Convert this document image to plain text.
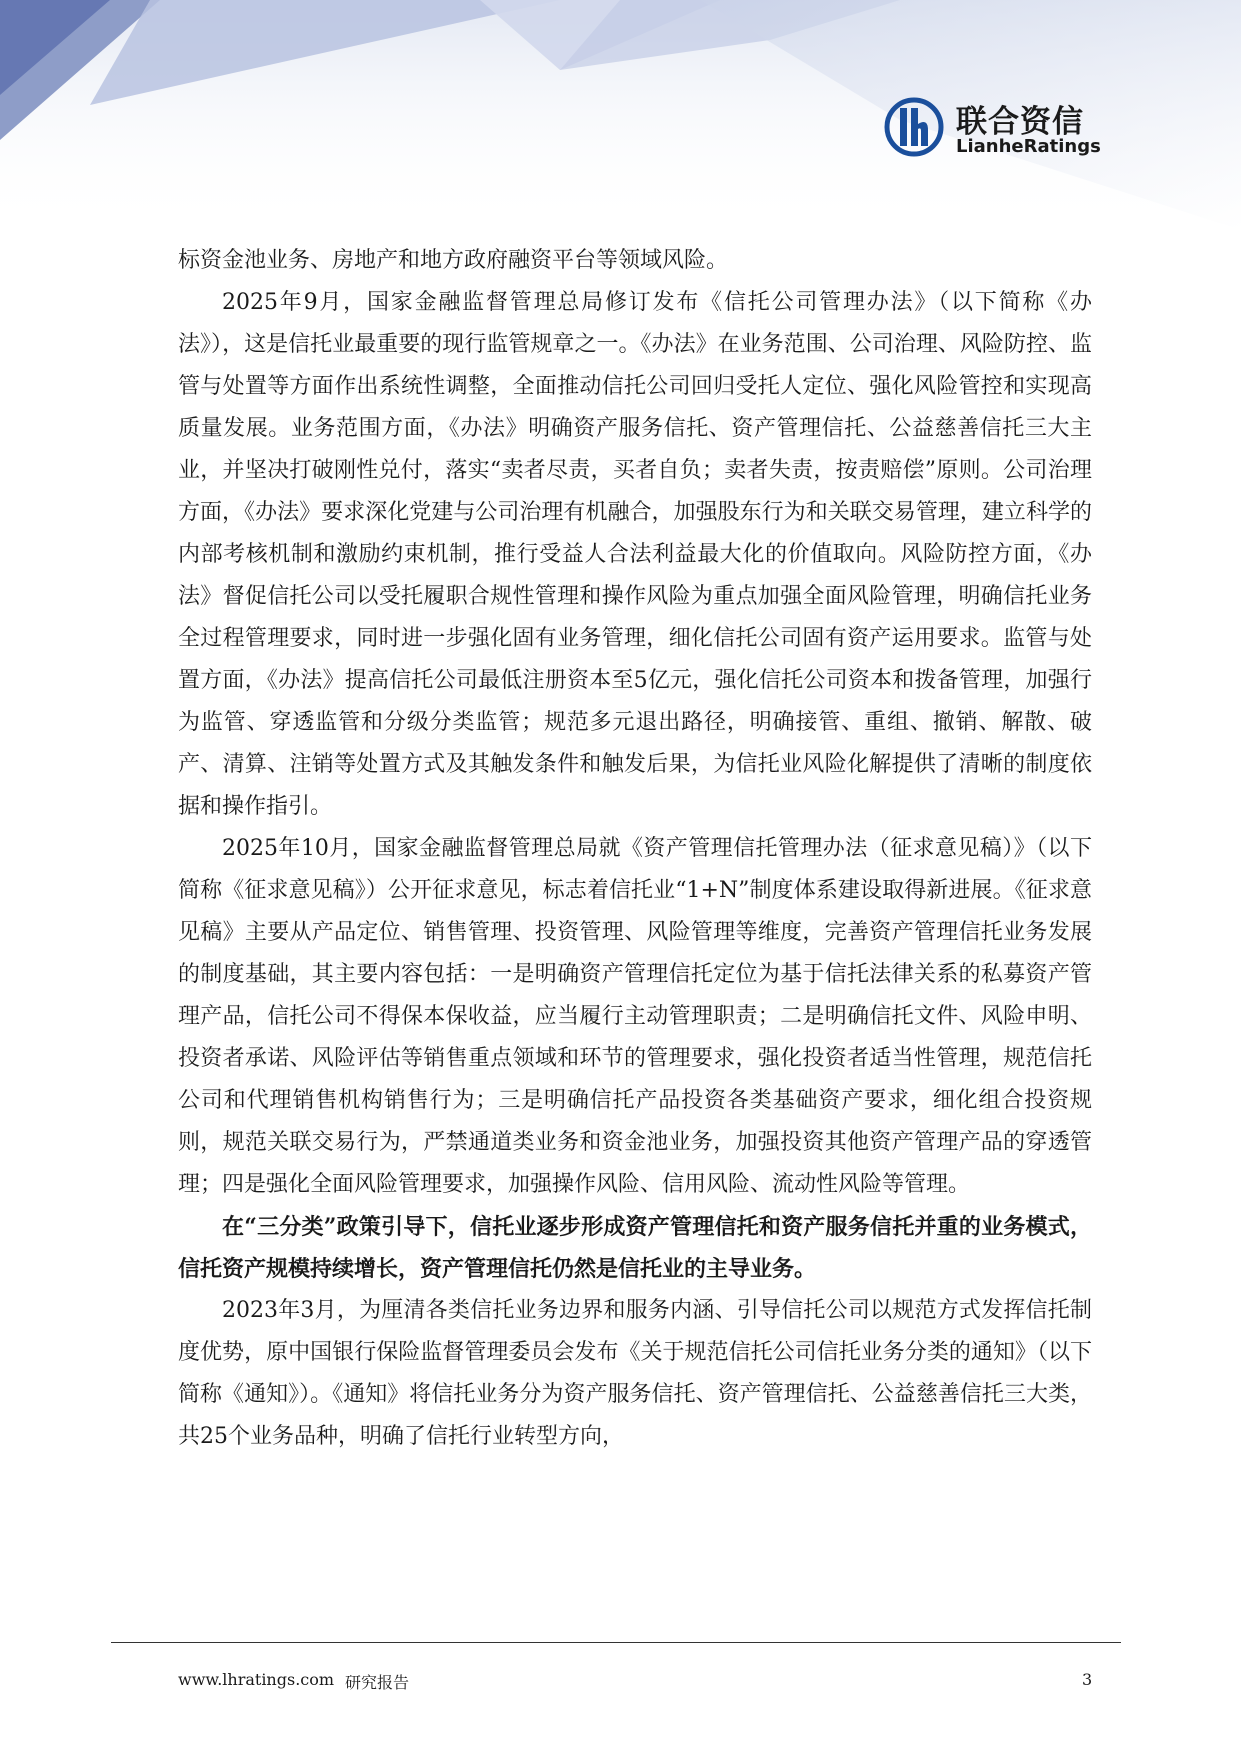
联合资信
LianheRatings

标资金池业务、房地产和地方政府融资平台等领域风险。

2025年9月，国家金融监督管理总局修订发布《信托公司管理办法》（以下简称《办法》），这是信托业最重要的现行监管规章之一。《办法》在业务范围、公司治理、风险防控、监管与处置等方面作出系统性调整，全面推动信托公司回归受托人定位、强化风险管控和实现高质量发展。业务范围方面，《办法》明确资产服务信托、资产管理信托、公益慈善信托三大主业，并坚决打破刚性兑付，落实“卖者尽责，买者自负；卖者失责，按责赔偿”原则。公司治理方面，《办法》要求深化党建与公司治理有机融合，加强股东行为和关联交易管理，建立科学的内部考核机制和激励约束机制，推行受益人合法利益最大化的价值取向。风险防控方面，《办法》督促信托公司以受托履职合规性管理和操作风险为重点加强全面风险管理，明确信托业务全过程管理要求，同时进一步强化固有业务管理，细化信托公司固有资产运用要求。监管与处置方面，《办法》提高信托公司最低注册资本至5亿元，强化信托公司资本和拨备管理，加强行为监管、穿透监管和分级分类监管；规范多元退出路径，明确接管、重组、撤销、解散、破产、清算、注销等处置方式及其触发条件和触发后果，为信托业风险化解提供了清晰的制度依据和操作指引。

2025年10月，国家金融监督管理总局就《资产管理信托管理办法（征求意见稿）》（以下简称《征求意见稿》）公开征求意见，标志着信托业“1+N”制度体系建设取得新进展。《征求意见稿》主要从产品定位、销售管理、投资管理、风险管理等维度，完善资产管理信托业务发展的制度基础，其主要内容包括：一是明确资产管理信托定位为基于信托法律关系的私募资产管理产品，信托公司不得保本保收益，应当履行主动管理职责；二是明确信托文件、风险申明、投资者承诺、风险评估等销售重点领域和环节的管理要求，强化投资者适当性管理，规范信托公司和代理销售机构销售行为；三是明确信托产品投资各类基础资产要求，细化组合投资规则，规范关联交易行为，严禁通道类业务和资金池业务，加强投资其他资产管理产品的穿透管理；四是强化全面风险管理要求，加强操作风险、信用风险、流动性风险等管理。

在“三分类”政策引导下，信托业逐步形成资产管理信托和资产服务信托并重的业务模式，信托资产规模持续增长，资产管理信托仍然是信托业的主导业务。

2023年3月，为厘清各类信托业务边界和服务内涵、引导信托公司以规范方式发挥信托制度优势，原中国银行保险监督管理委员会发布《关于规范信托公司信托业务分类的通知》（以下简称《通知》）。《通知》将信托业务分为资产服务信托、资产管理信托、公益慈善信托三大类，共25个业务品种，明确了信托行业转型方向，

www.lhratings.com 研究报告	3
